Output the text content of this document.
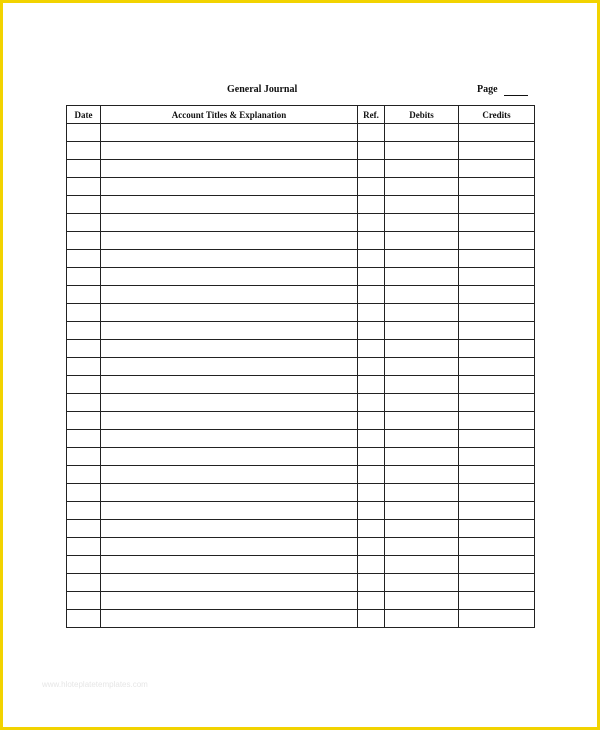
General Journal	Page
Date	Account Titles & Explanation	Ref.	Debits	Credits

www.hloteplatetemplates.com
